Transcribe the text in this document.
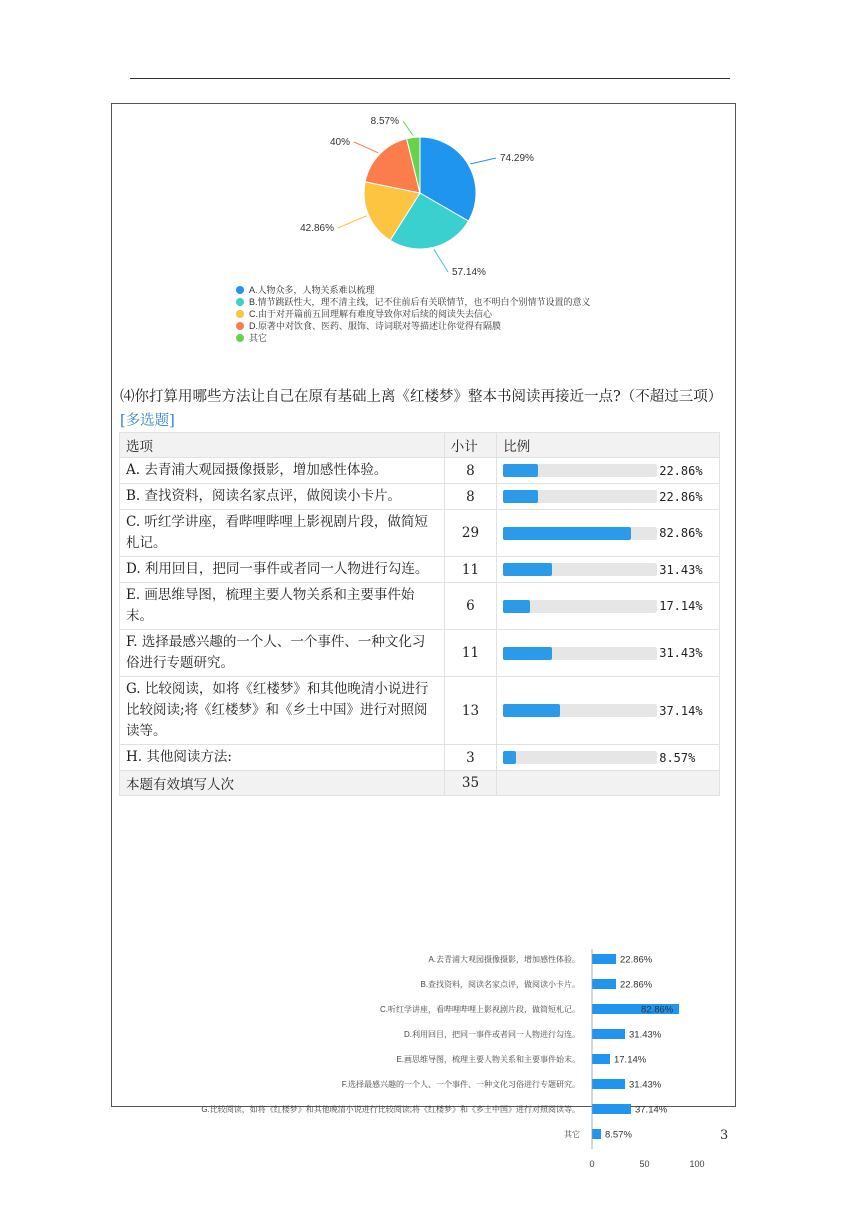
74.29%
57.14%
42.86%
40%
8.57%
A.人物众多，人物关系难以梳理
B.情节跳跃性大，理不清主线，记不住前后有关联情节，也不明白个别情节设置的意义
C.由于对开篇前五回理解有难度导致你对后续的阅读失去信心
D.原著中对饮食、医药、服饰、诗词联对等描述让你觉得有隔膜
其它
⑷你打算用哪些方法让自己在原有基础上离《红楼梦》整本书阅读再接近一点?（不超过三项）
[多选题]
选项	小计	比例
A. 去青浦大观园摄像摄影，增加感性体验。	8	22.86%

B. 查找资料，阅读名家点评，做阅读小卡片。	8	22.86%

C. 听红学讲座，看哔哩哔哩上影视剧片段，做简短札记。	29	82.86%

D. 利用回目，把同一事件或者同一人物进行勾连。	11	31.43%

E. 画思维导图，梳理主要人物关系和主要事件始末。	6	17.14%

F. 选择最感兴趣的一个人、一个事件、一种文化习俗进行专题研究。	11	31.43%

G. 比较阅读，如将《红楼梦》和其他晚清小说进行比较阅读;将《红楼梦》和《乡土中国》进行对照阅读等。	13	37.14%

H. 其他阅读方法:	3	8.57%

本题有效填写人次	35	
A.去青浦大观园摄像摄影，增加感性体验。	22.86%
B.查找资料，阅读名家点评，做阅读小卡片。	22.86%
C.听红学讲座，看哔哩哔哩上影视剧片段，做简短札记。	82.86%
D.利用回目，把同一事件或者同一人物进行勾连。	31.43%
E.画思维导图，梳理主要人物关系和主要事件始末。	17.14%
F.选择最感兴趣的一个人、一个事件、一种文化习俗进行专题研究。	31.43%
G.比较阅读，如将《红楼梦》和其他晚清小说进行比较阅读;将《红楼梦》和《乡土中国》进行对照阅读等。	37.14%
其它	8.57%
0	50	100
3
